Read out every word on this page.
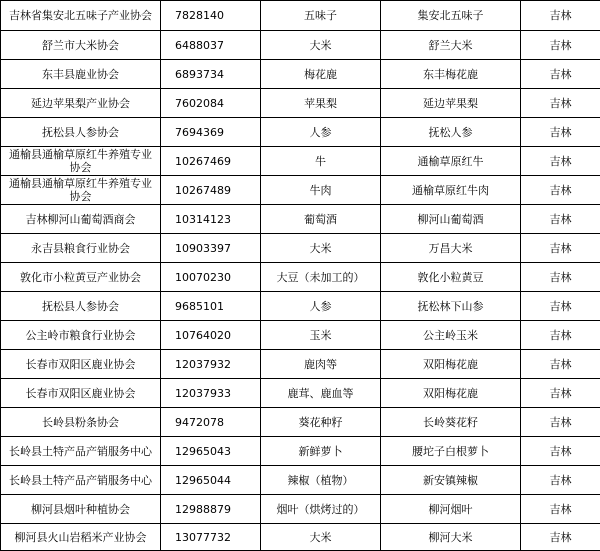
吉林省集安北五味子产业协会	7828140	五味子	集安北五味子	吉林
舒兰市大米协会	6488037	大米	舒兰大米	吉林
东丰县鹿业协会	6893734	梅花鹿	东丰梅花鹿	吉林
延边苹果梨产业协会	7602084	苹果梨	延边苹果梨	吉林
抚松县人参协会	7694369	人参	抚松人参	吉林
通榆县通榆草原红牛养殖专业协会	10267469	牛	通榆草原红牛	吉林
通榆县通榆草原红牛养殖专业协会	10267489	牛肉	通榆草原红牛肉	吉林
吉林柳河山葡萄酒商会	10314123	葡萄酒	柳河山葡萄酒	吉林
永吉县粮食行业协会	10903397	大米	万昌大米	吉林
敦化市小粒黄豆产业协会	10070230	大豆（未加工的）	敦化小粒黄豆	吉林
抚松县人参协会	9685101	人参	抚松林下山参	吉林
公主岭市粮食行业协会	10764020	玉米	公主岭玉米	吉林
长春市双阳区鹿业协会	12037932	鹿肉等	双阳梅花鹿	吉林
长春市双阳区鹿业协会	12037933	鹿茸、鹿血等	双阳梅花鹿	吉林
长岭县粉条协会	9472078	葵花种籽	长岭葵花籽	吉林
长岭县土特产品产销服务中心	12965043	新鲜萝卜	腰坨子白根萝卜	吉林
长岭县土特产品产销服务中心	12965044	辣椒（植物）	新安镇辣椒	吉林
柳河县烟叶种植协会	12988879	烟叶（烘烤过的）	柳河烟叶	吉林
柳河县火山岩稻米产业协会	13077732	大米	柳河大米	吉林
